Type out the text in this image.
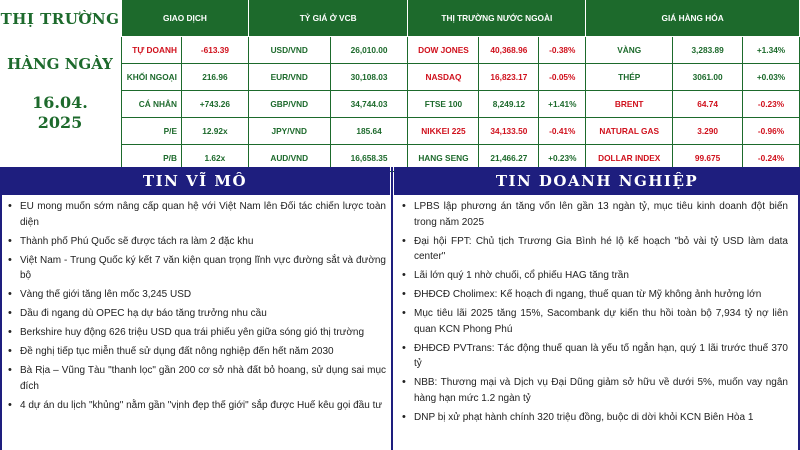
THỊ TRƯỜNG
HÀNG NGÀY
16.04.
2025
GIAO DỊCH		TỶ GIÁ Ở VCB		THỊ TRƯỜNG NƯỚC NGOÀI			GIÁ HÀNG HÓA		
TỰ DOANH	-613.39	USD/VND	26,010.00	DOW JONES	40,368.96	-0.38%	VÀNG	3,283.89	+1.34%
KHỐI NGOẠI	216.96	EUR/VND	30,108.03	NASDAQ	16,823.17	-0.05%	THÉP	3061.00	+0.03%
CÁ NHÂN	+743.26	GBP/VND	34,744.03	FTSE 100	8,249.12	+1.41%	BRENT	64.74	-0.23%
P/E	12.92x	JPY/VND	185.64	NIKKEI 225	34,133.50	-0.41%	NATURAL GAS	3.290	-0.96%
P/B	1.62x	AUD/VND	16,658.35	HANG SENG	21,466.27	+0.23%	DOLLAR INDEX	99.675	-0.24%
TIN VĨ MÔ	TIN DOANH NGHIỆP
• EU mong muốn sớm nâng cấp quan hệ với Việt Nam lên Đối tác chiến lược toàn diện
• Thành phố Phú Quốc sẽ được tách ra làm 2 đặc khu
• Việt Nam - Trung Quốc ký kết 7 văn kiện quan trọng lĩnh vực đường sắt và đường bộ
• Vàng thế giới tăng lên mốc 3,245 USD
• Dầu đi ngang dù OPEC hạ dự báo tăng trưởng nhu cầu
• Berkshire huy động 626 triệu USD qua trái phiếu yên giữa sóng gió thị trường
• Đề nghị tiếp tục miễn thuế sử dụng đất nông nghiệp đến hết năm 2030
• Bà Rịa – Vũng Tàu "thanh lọc" gần 200 cơ sở nhà đất bỏ hoang, sử dụng sai mục đích
• 4 dự án du lịch "khủng" nằm gần "vịnh đẹp thế giới" sắp được Huế kêu gọi đầu tư
• LPBS lập phương án tăng vốn lên gần 13 ngàn tỷ, mục tiêu kinh doanh đột biến trong năm 2025
• Đại hội FPT: Chủ tịch Trương Gia Bình hé lộ kế hoạch "bỏ vài tỷ USD làm data center"
• Lãi lớn quý 1 nhờ chuối, cổ phiếu HAG tăng trần
• ĐHĐCĐ Cholimex: Kế hoạch đi ngang, thuế quan từ Mỹ không ảnh hưởng lớn
• Mục tiêu lãi 2025 tăng 15%, Sacombank dự kiến thu hồi toàn bộ 7,934 tỷ nợ liên quan KCN Phong Phú
• ĐHĐCĐ PVTrans: Tác động thuế quan là yếu tố ngắn hạn, quý 1 lãi trước thuế 370 tỷ
• NBB: Thương mại và Dịch vụ Đại Dũng giảm sở hữu về dưới 5%, muốn vay ngân hàng hạn mức 1.2 ngàn tỷ
• DNP bị xử phạt hành chính 320 triệu đồng, buộc di dời khỏi KCN Biên Hòa 1
